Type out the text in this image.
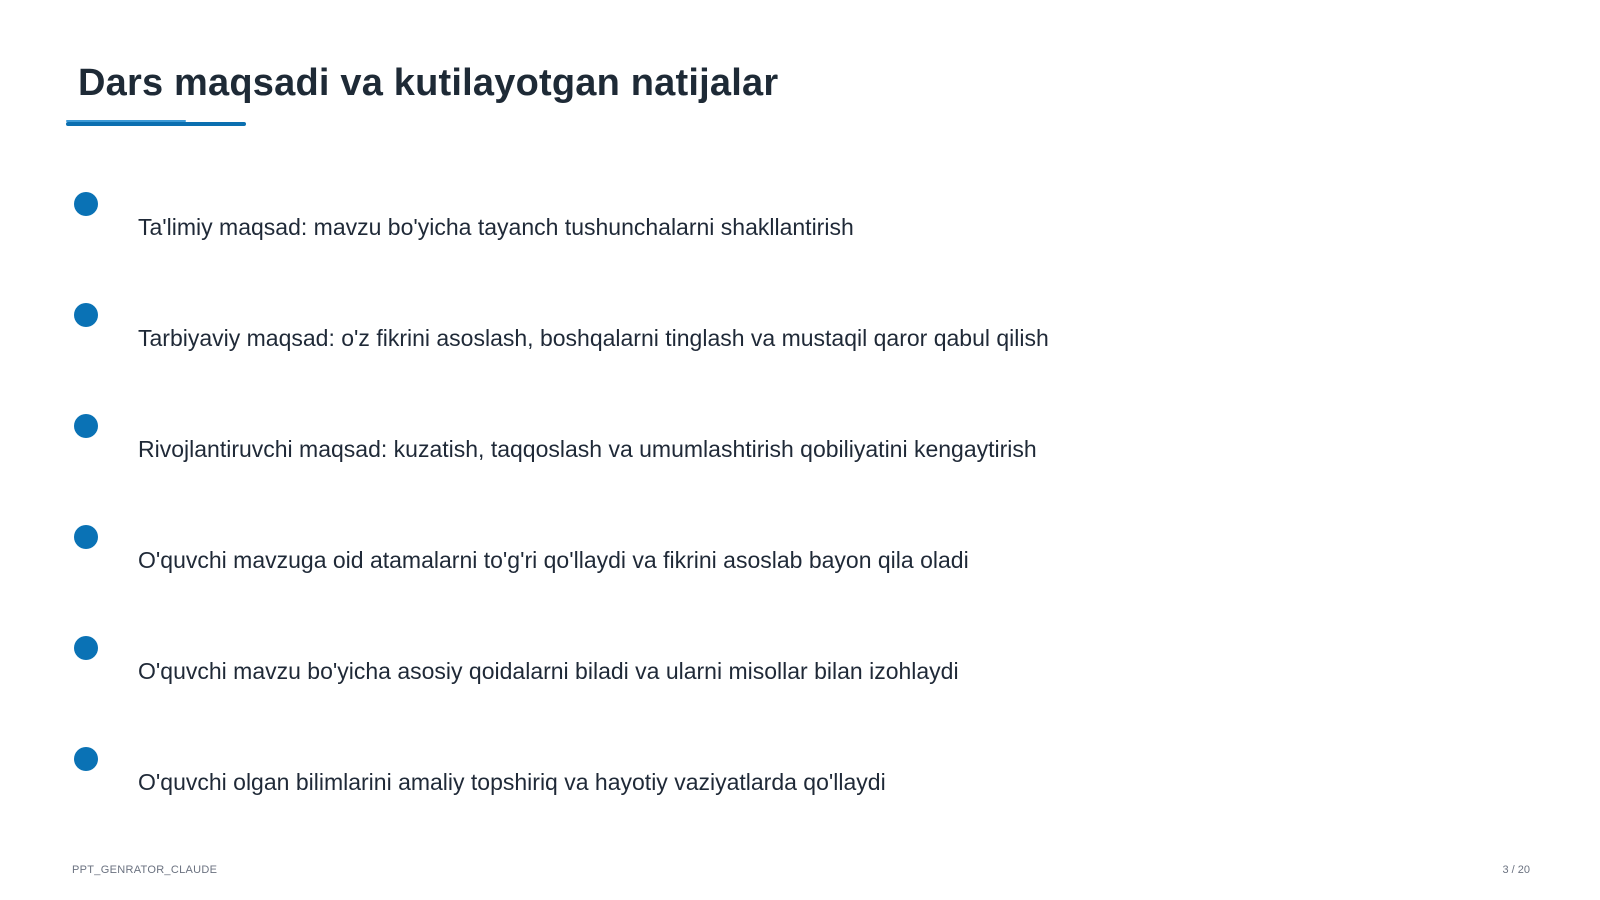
Dars maqsadi va kutilayotgan natijalar
Ta'limiy maqsad: mavzu bo'yicha tayanch tushunchalarni shakllantirish
Tarbiyaviy maqsad: o'z fikrini asoslash, boshqalarni tinglash va mustaqil qaror qabul qilish
Rivojlantiruvchi maqsad: kuzatish, taqqoslash va umumlashtirish qobiliyatini kengaytirish
O'quvchi mavzuga oid atamalarni to'g'ri qo'llaydi va fikrini asoslab bayon qila oladi
O'quvchi mavzu bo'yicha asosiy qoidalarni biladi va ularni misollar bilan izohlaydi
O'quvchi olgan bilimlarini amaliy topshiriq va hayotiy vaziyatlarda qo'llaydi
PPT_GENRATOR_CLAUDE	3 / 20
